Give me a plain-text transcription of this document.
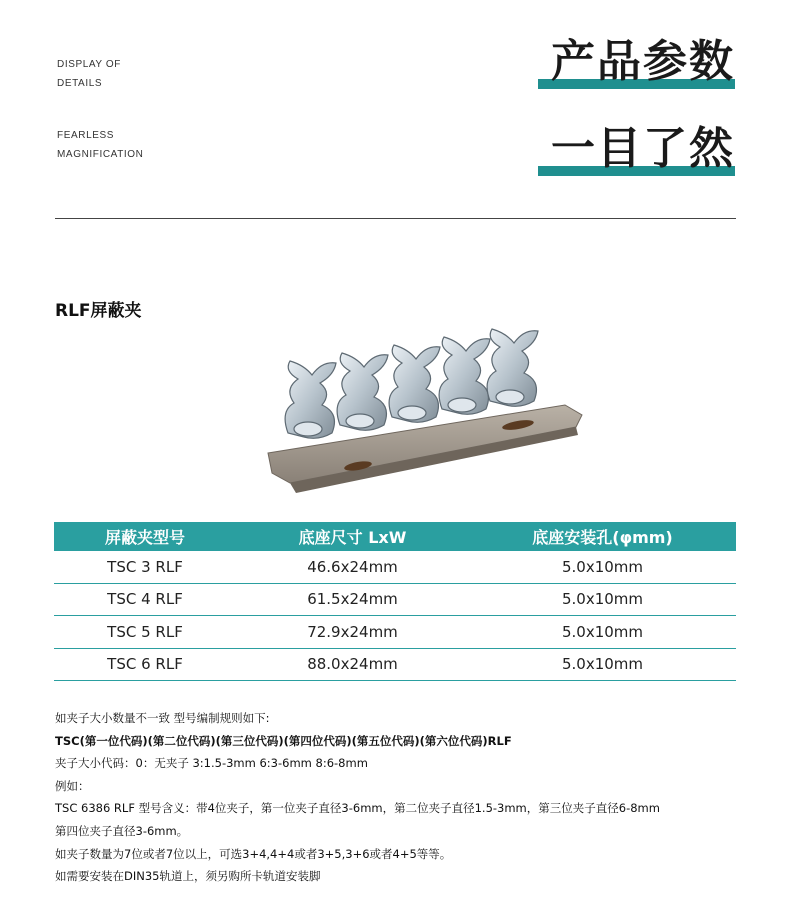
DISPLAY OF
DETAILS
FEARLESS
MAGNIFICATION
产品参数
一目了然
RLF屏蔽夹
屏蔽夹型号	底座尺寸 LxW	底座安装孔(φmm)
TSC 3 RLF	46.6x24mm	5.0x10mm
TSC 4 RLF	61.5x24mm	5.0x10mm
TSC 5 RLF	72.9x24mm	5.0x10mm
TSC 6 RLF	88.0x24mm	5.0x10mm
如夹子大小数量不一致 型号编制规则如下:
TSC(第一位代码)(第二位代码)(第三位代码)(第四位代码)(第五位代码)(第六位代码)RLF
夹子大小代码：0：无夹子 3:1.5-3mm 6:3-6mm 8:6-8mm
例如：
TSC 6386 RLF 型号含义：带4位夹子，第一位夹子直径3-6mm，第二位夹子直径1.5-3mm，第三位夹子直径6-8mm
第四位夹子直径3-6mm。
如夹子数量为7位或者7位以上，可选3+4,4+4或者3+5,3+6或者4+5等等。
如需要安装在DIN35轨道上，须另购所卡轨道安装脚
